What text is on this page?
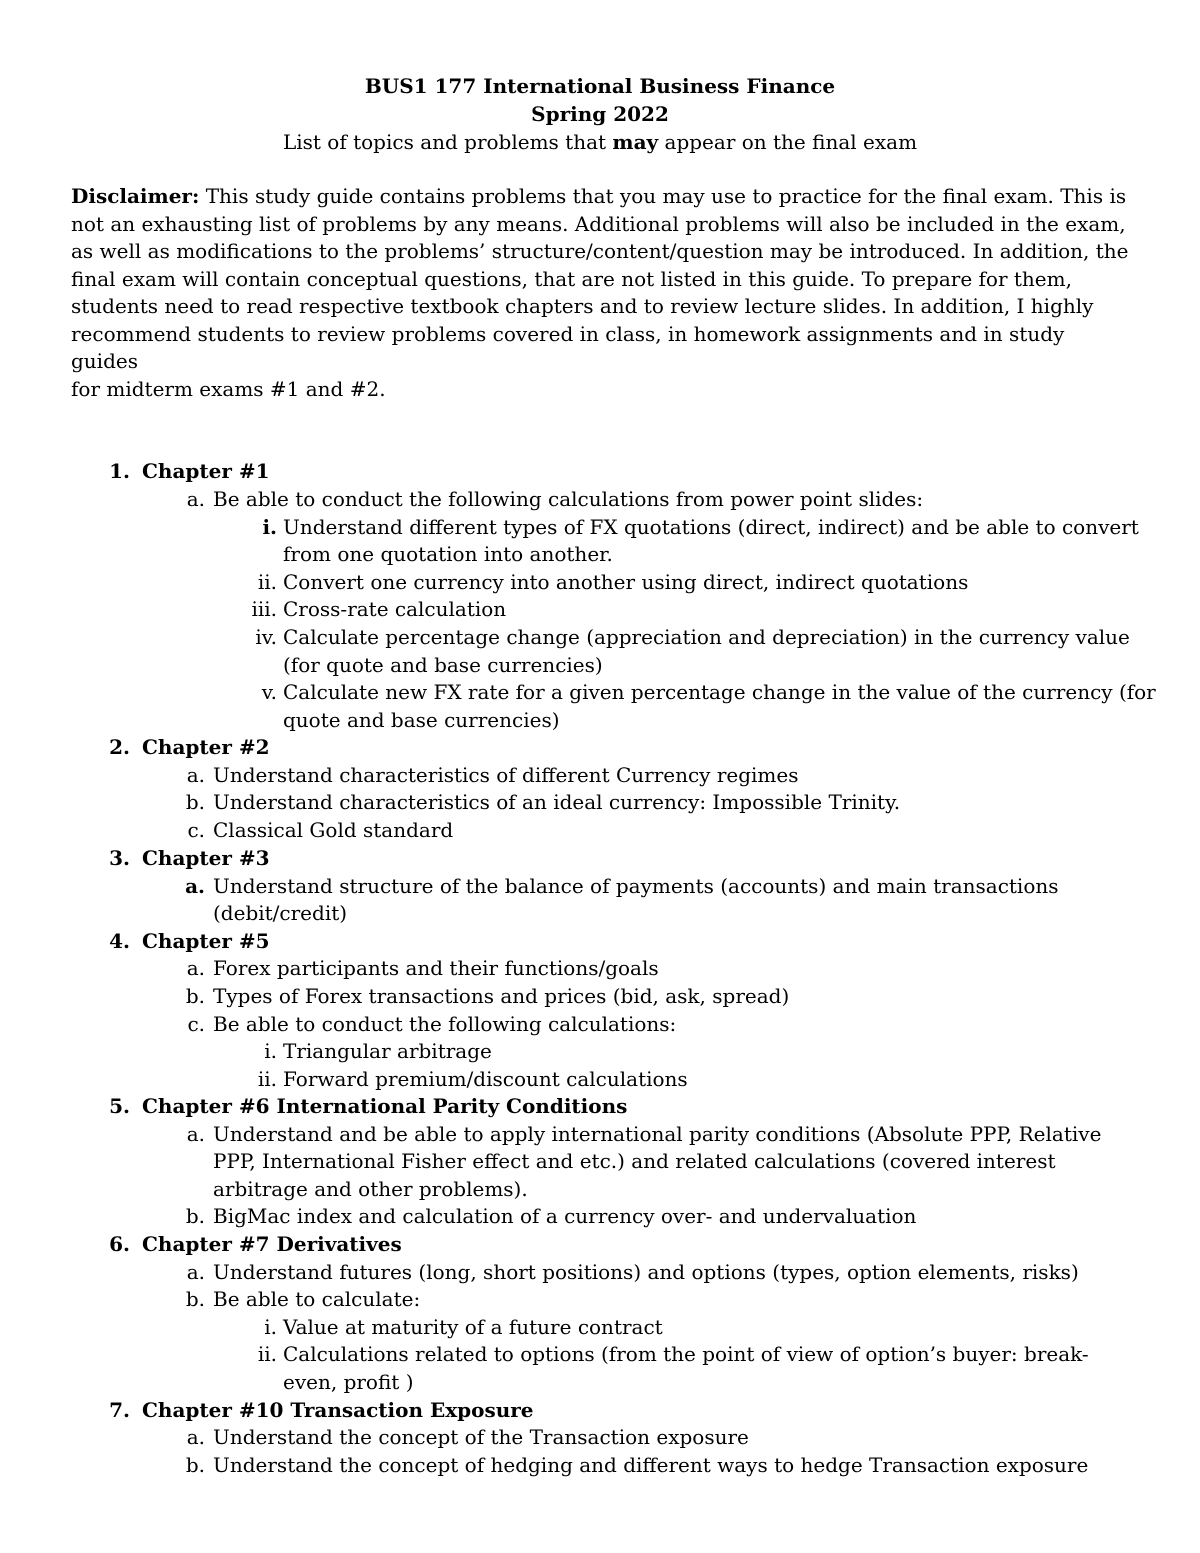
BUS1 177 International Business Finance
Spring 2022
List of topics and problems that may appear on the final exam
Disclaimer: This study guide contains problems that you may use to practice for the final exam. This is
not an exhausting list of problems by any means. Additional problems will also be included in the exam,
as well as modifications to the problems’ structure/content/question may be introduced. In addition, the
final exam will contain conceptual questions, that are not listed in this guide. To prepare for them,
students need to read respective textbook chapters and to review lecture slides. In addition, I highly
recommend students to review problems covered in class, in homework assignments and in study guides
for midterm exams #1 and #2.
1. Chapter #1
a. Be able to conduct the following calculations from power point slides:
i. Understand different types of FX quotations (direct, indirect) and be able to convert
from one quotation into another.
ii. Convert one currency into another using direct, indirect quotations
iii. Cross-rate calculation
iv. Calculate percentage change (appreciation and depreciation) in the currency value
(for quote and base currencies)
v. Calculate new FX rate for a given percentage change in the value of the currency (for
quote and base currencies)
2. Chapter #2
a. Understand characteristics of different Currency regimes
b. Understand characteristics of an ideal currency: Impossible Trinity.
c. Classical Gold standard
3. Chapter #3
a. Understand structure of the balance of payments (accounts) and main transactions
(debit/credit)
4. Chapter #5
a. Forex participants and their functions/goals
b. Types of Forex transactions and prices (bid, ask, spread)
c. Be able to conduct the following calculations:
i. Triangular arbitrage
ii. Forward premium/discount calculations
5. Chapter #6 International Parity Conditions
a. Understand and be able to apply international parity conditions (Absolute PPP, Relative
PPP, International Fisher effect and etc.) and related calculations (covered interest
arbitrage and other problems).
b. BigMac index and calculation of a currency over- and undervaluation
6. Chapter #7 Derivatives
a. Understand futures (long, short positions) and options (types, option elements, risks)
b. Be able to calculate:
i. Value at maturity of a future contract
ii. Calculations related to options (from the point of view of option’s buyer: break-
even, profit )
7. Chapter #10 Transaction Exposure
a. Understand the concept of the Transaction exposure
b. Understand the concept of hedging and different ways to hedge Transaction exposure
